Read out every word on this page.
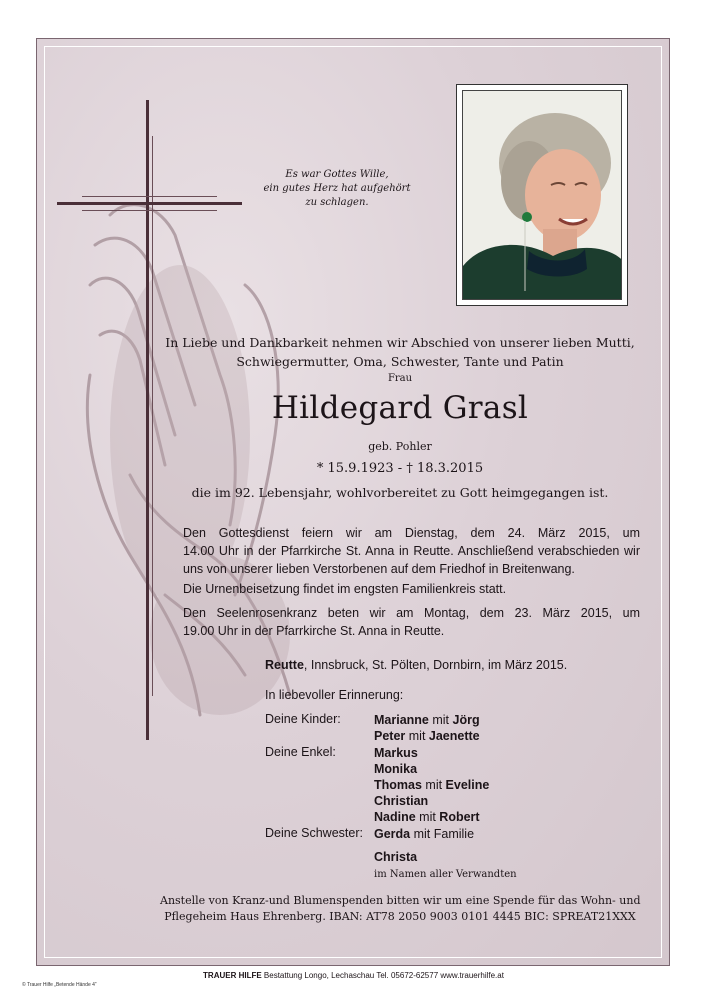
Es war Gottes Wille,
ein gutes Herz hat aufgehört
zu schlagen.
In Liebe und Dankbarkeit nehmen wir Abschied von unserer lieben Mutti,
Schwiegermutter, Oma, Schwester, Tante und Patin
Frau
Hildegard Grasl
geb. Pohler
* 15.9.1923 - † 18.3.2015
die im 92. Lebensjahr, wohlvorbereitet zu Gott heimgegangen ist.
Den Gottesdienst feiern wir am Dienstag, dem 24. März 2015, um
14.00 Uhr in der Pfarrkirche St. Anna in Reutte. Anschließend verabschieden wir
uns von unserer lieben Verstorbenen auf dem Friedhof in Breitenwang.
Die Urnenbeisetzung findet im engsten Familienkreis statt.
Den Seelenrosenkranz beten wir am Montag, dem 23. März 2015, um
19.00 Uhr in der Pfarrkirche St. Anna in Reutte.
Reutte, Innsbruck, St. Pölten, Dornbirn, im März 2015.
In liebevoller Erinnerung:
Deine Kinder:
Deine Enkel:
Deine Schwester:
Marianne mit Jörg
Peter mit Jaenette
Markus
Monika
Thomas mit Eveline
Christian
Nadine mit Robert
Gerda mit Familie
Christa
im Namen aller Verwandten
Anstelle von Kranz-und Blumenspenden bitten wir um eine Spende für das Wohn- und
Pflegeheim Haus Ehrenberg. IBAN: AT78 2050 9003 0101 4445 BIC: SPREAT21XXX
TRAUER HILFE Bestattung Longo, Lechaschau Tel. 05672-62577 www.trauerhilfe.at
© Trauer Hilfe „Betende Hände 4“
